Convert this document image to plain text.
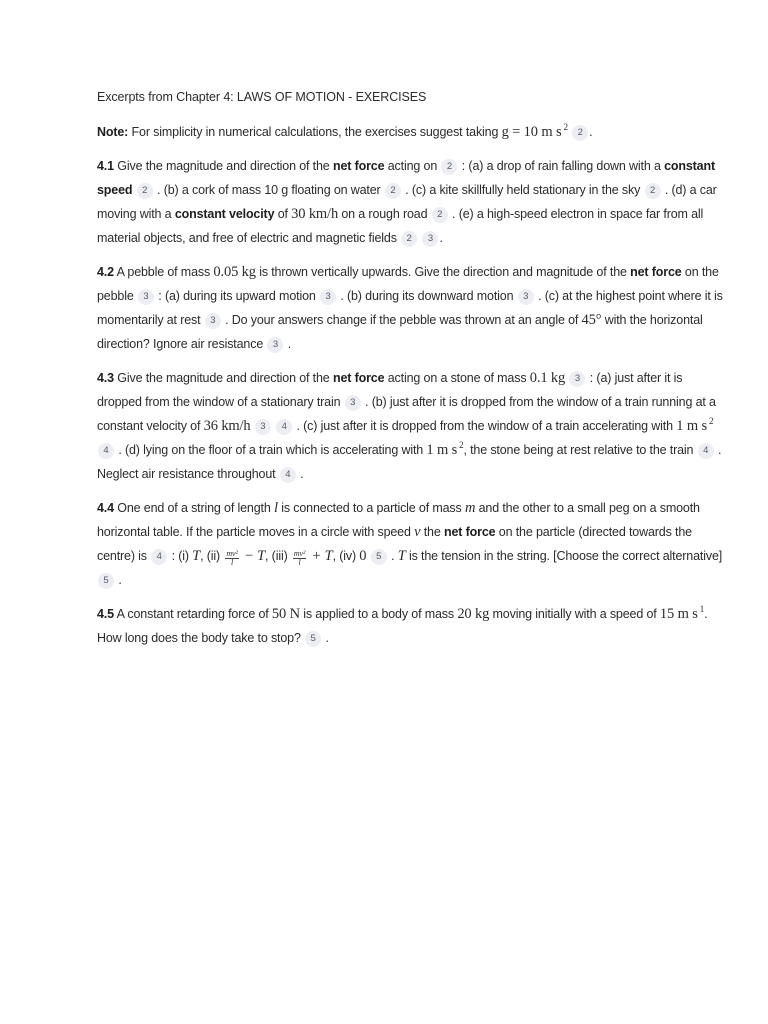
Excerpts from Chapter 4: LAWS OF MOTION - EXERCISES

Note: For simplicity in numerical calculations, the exercises suggest taking g = 10 m s $^2$ 2 .

4.1 Give the magnitude and direction of the net force acting on 2 : (a) a drop of rain falling down with a constant speed 2 . (b) a cork of mass 10 g floating on water 2 . (c) a kite skillfully held stationary in the sky 2 . (d) a car moving with a constant velocity of 30 km/h on a rough road 2 . (e) a high-speed electron in space far from all material objects, and free of electric and magnetic fields 2 3 .

4.2 A pebble of mass 0.05 kg is thrown vertically upwards. Give the direction and magnitude of the net force on the pebble 3 : (a) during its upward motion 3 . (b) during its downward motion 3 . (c) at the highest point where it is momentarily at rest 3 . Do your answers change if the pebble was thrown at an angle of 45° with the horizontal direction? Ignore air resistance 3 .

4.3 Give the magnitude and direction of the net force acting on a stone of mass 0.1 kg 3 : (a) just after it is dropped from the window of a stationary train 3 . (b) just after it is dropped from the window of a train running at a constant velocity of 36 km/h 3 4 . (c) just after it is dropped from the window of a train accelerating with 1 m s $^2$ 4 . (d) lying on the floor of a train which is accelerating with 1 m s $^2$, the stone being at rest relative to the train 4 . Neglect air resistance throughout 4 .

4.4 One end of a string of length l is connected to a particle of mass m and the other to a small peg on a smooth horizontal table. If the particle moves in a circle with speed v the net force on the particle (directed towards the centre) is 4 : (i) T, $(ii) \frac{\text{mv²}}{l} - T$, $(iii) \frac{\text{mv²}}{l} + T$, (iv) 0 5 . T is the tension in the string. [Choose the correct alternative] 5 .

4.5 A constant retarding force of 50 N is applied to a body of mass 20 kg moving initially with a speed of 15 m s $^1$. How long does the body take to stop? 5 .
